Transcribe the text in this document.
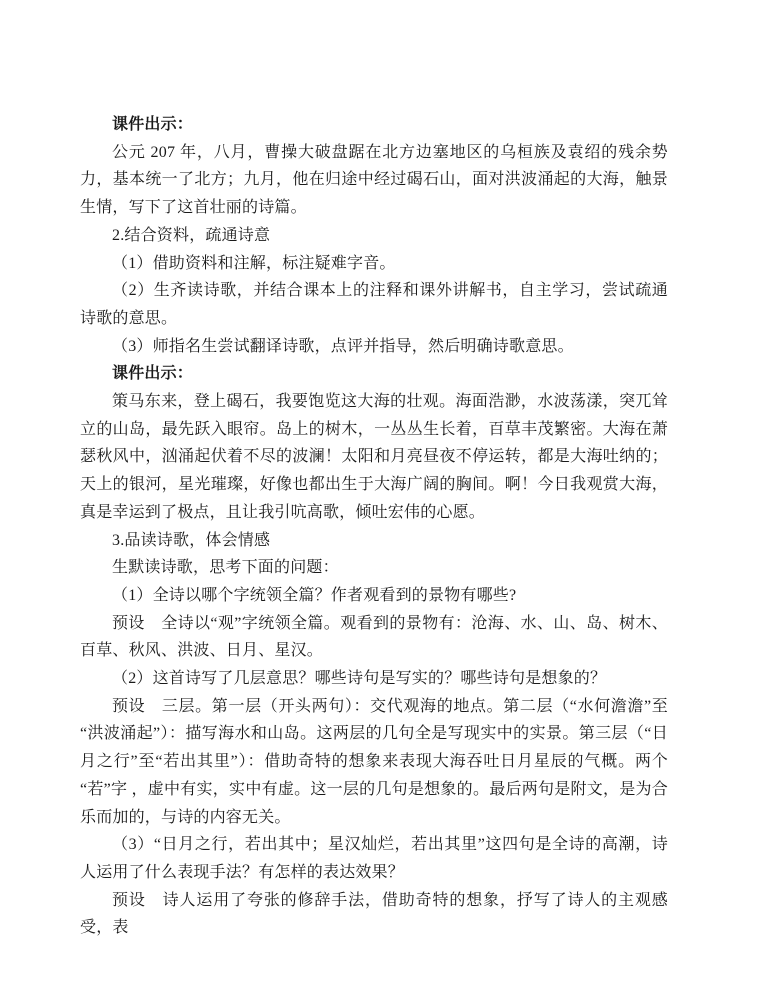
课件出示：

公元 207 年，八月，曹操大破盘踞在北方边塞地区的乌桓族及袁绍的残余势力，基本统一了北方；九月，他在归途中经过碣石山，面对洪波涌起的大海，触景生情，写下了这首壮丽的诗篇。

2.结合资料，疏通诗意

（1）借助资料和注解，标注疑难字音。

（2）生齐读诗歌，并结合课本上的注释和课外讲解书，自主学习，尝试疏通诗歌的意思。

（3）师指名生尝试翻译诗歌，点评并指导，然后明确诗歌意思。

课件出示：

策马东来，登上碣石，我要饱览这大海的壮观。海面浩渺，水波荡漾，突兀耸立的山岛，最先跃入眼帘。岛上的树木，一丛丛生长着，百草丰茂繁密。大海在萧瑟秋风中，汹涌起伏着不尽的波澜！太阳和月亮昼夜不停运转，都是大海吐纳的；天上的银河，星光璀璨，好像也都出生于大海广阔的胸间。啊！今日我观赏大海，真是幸运到了极点，且让我引吭高歌，倾吐宏伟的心愿。

3.品读诗歌，体会情感

生默读诗歌，思考下面的问题：

（1）全诗以哪个字统领全篇？作者观看到的景物有哪些?

预设　全诗以“观”字统领全篇。观看到的景物有：沧海、水、山、岛、树木、百草、秋风、洪波、日月、星汉。

（2）这首诗写了几层意思？哪些诗句是写实的？哪些诗句是想象的？

预设　三层。第一层（开头两句）：交代观海的地点。第二层（“水何澹澹”至“洪波涌起”）：描写海水和山岛。这两层的几句全是写现实中的实景。第三层（“日月之行”至“若出其里”）：借助奇特的想象来表现大海吞吐日月星辰的气概。两个“若”字 ，虚中有实，实中有虚。这一层的几句是想象的。最后两句是附文，是为合乐而加的，与诗的内容无关。

（3）“日月之行，若出其中；星汉灿烂，若出其里”这四句是全诗的高潮，诗人运用了什么表现手法？有怎样的表达效果？

预设　诗人运用了夸张的修辞手法，借助奇特的想象，抒写了诗人的主观感受，表
